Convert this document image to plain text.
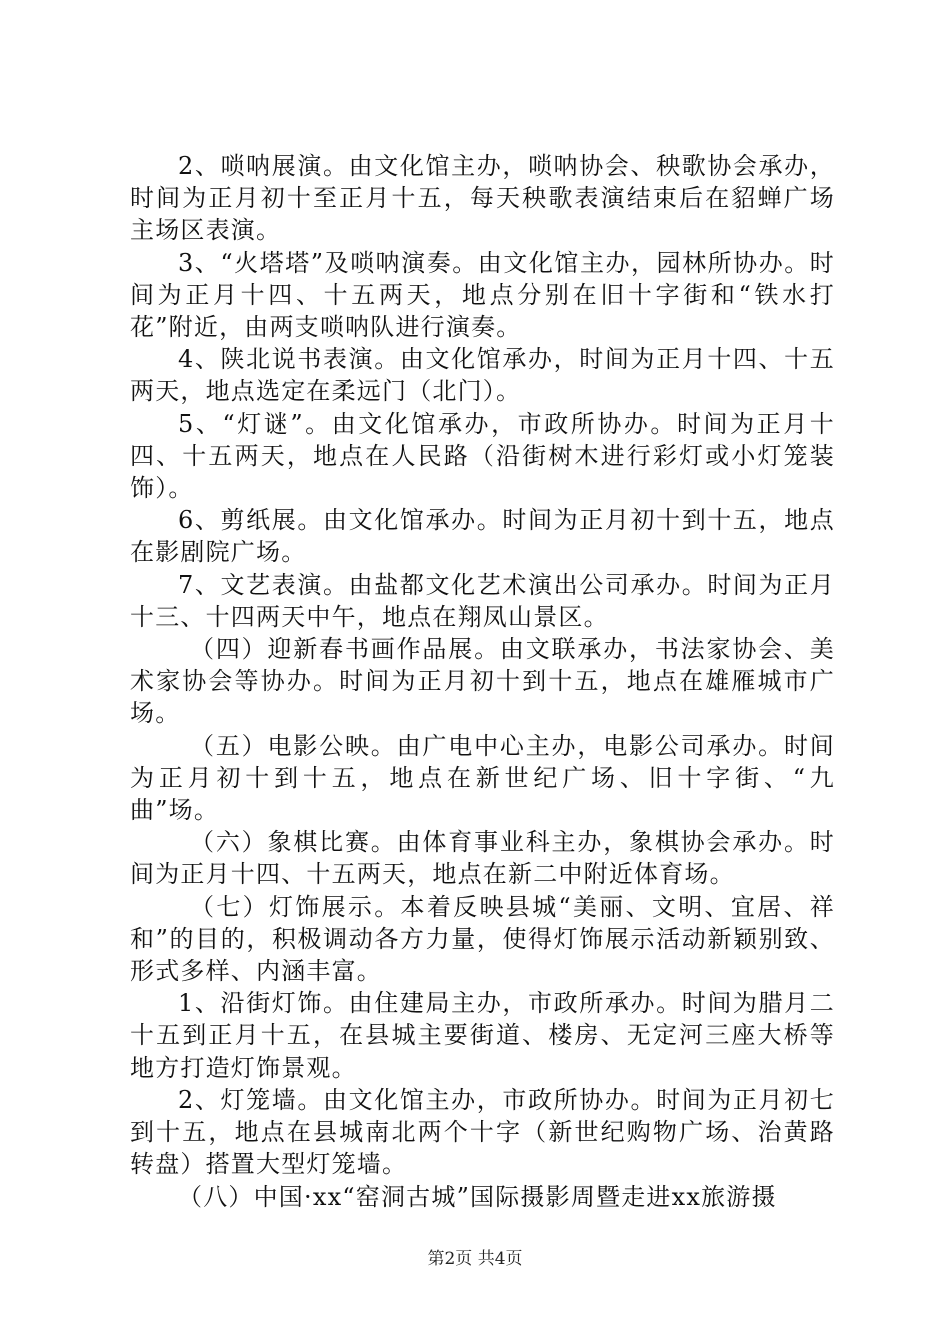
2、唢呐展演。由文化馆主办，唢呐协会、秧歌协会承办，时间为正月初十至正月十五，每天秧歌表演结束后在貂蝉广场主场区表演。

3、“火塔塔”及唢呐演奏。由文化馆主办，园林所协办。时间为正月十四、十五两天，地点分别在旧十字街和“铁水打花”附近，由两支唢呐队进行演奏。

4、陕北说书表演。由文化馆承办，时间为正月十四、十五两天，地点选定在柔远门（北门）。

5、“灯谜”。由文化馆承办，市政所协办。时间为正月十四、十五两天，地点在人民路（沿街树木进行彩灯或小灯笼装饰）。

6、剪纸展。由文化馆承办。时间为正月初十到十五，地点在影剧院广场。

7、文艺表演。由盐都文化艺术演出公司承办。时间为正月十三、十四两天中午，地点在翔凤山景区。

（四）迎新春书画作品展。由文联承办，书法家协会、美术家协会等协办。时间为正月初十到十五，地点在雄雁城市广场。

（五）电影公映。由广电中心主办，电影公司承办。时间为正月初十到十五，地点在新世纪广场、旧十字街、“九曲”场。

（六）象棋比赛。由体育事业科主办，象棋协会承办。时间为正月十四、十五两天，地点在新二中附近体育场。

（七）灯饰展示。本着反映县城“美丽、文明、宜居、祥和”的目的，积极调动各方力量，使得灯饰展示活动新颖别致、形式多样、内涵丰富。

1、沿街灯饰。由住建局主办，市政所承办。时间为腊月二十五到正月十五，在县城主要街道、楼房、无定河三座大桥等地方打造灯饰景观。

2、灯笼墙。由文化馆主办，市政所协办。时间为正月初七到十五，地点在县城南北两个十字（新世纪购物广场、治黄路转盘）搭置大型灯笼墙。

（八）中国·xx“窑洞古城”国际摄影周暨走进xx旅游摄

第2页 共4页
